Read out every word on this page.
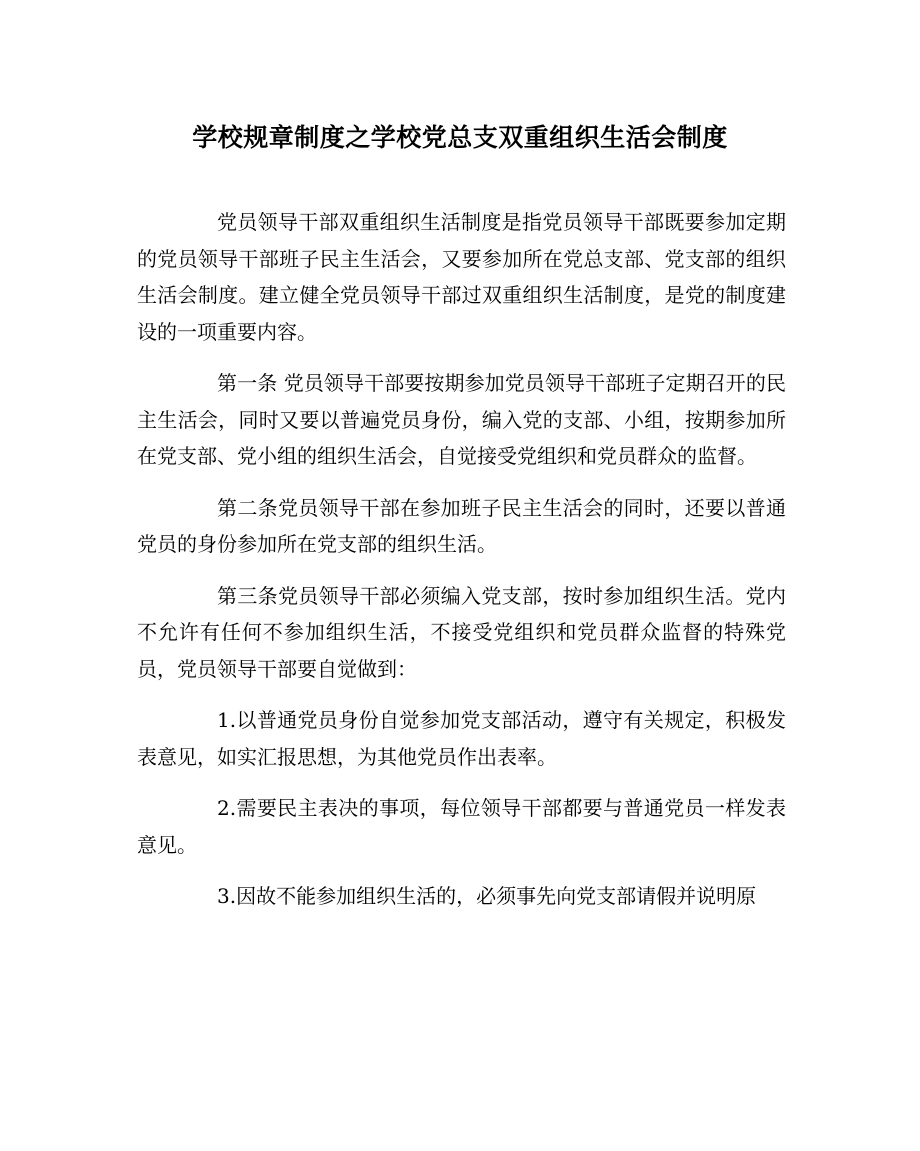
学校规章制度之学校党总支双重组织生活会制度

党员领导干部双重组织生活制度是指党员领导干部既要参加定期的党员领导干部班子民主生活会，又要参加所在党总支部、党支部的组织生活会制度。建立健全党员领导干部过双重组织生活制度，是党的制度建设的一项重要内容。

第一条 党员领导干部要按期参加党员领导干部班子定期召开的民主生活会，同时又要以普遍党员身份，编入党的支部、小组，按期参加所在党支部、党小组的组织生活会，自觉接受党组织和党员群众的监督。

第二条党员领导干部在参加班子民主生活会的同时，还要以普通党员的身份参加所在党支部的组织生活。

第三条党员领导干部必须编入党支部，按时参加组织生活。党内不允许有任何不参加组织生活，不接受党组织和党员群众监督的特殊党员，党员领导干部要自觉做到：

1.以普通党员身份自觉参加党支部活动，遵守有关规定，积极发表意见，如实汇报思想，为其他党员作出表率。

2.需要民主表决的事项，每位领导干部都要与普通党员一样发表意见。

3.因故不能参加组织生活的，必须事先向党支部请假并说明原
